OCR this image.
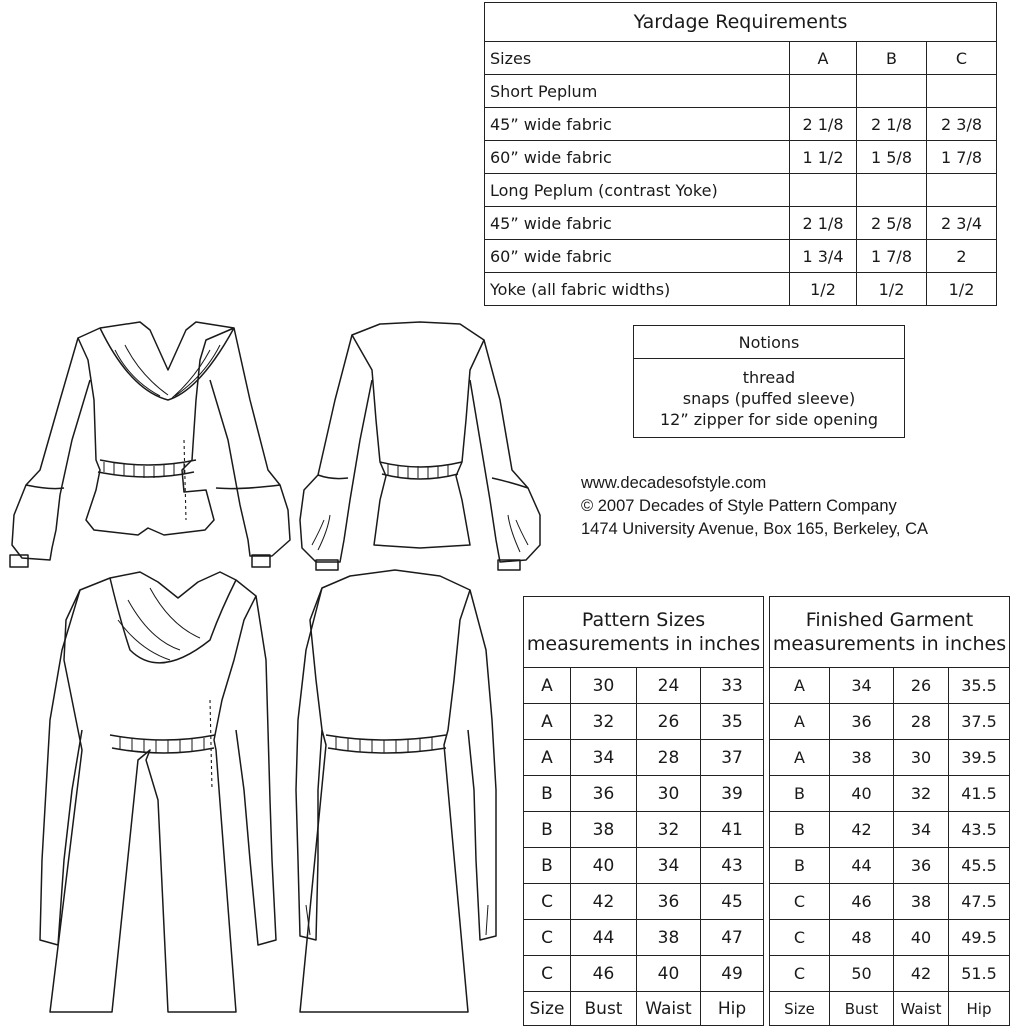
Yardage Requirements			
Sizes	A	B	C
Short Peplum			
45” wide fabric	2 1/8	2 1/8	2 3/8
60” wide fabric	1 1/2	1 5/8	1 7/8
Long Peplum (contrast Yoke)			
45” wide fabric	2 1/8	2 5/8	2 3/4
60” wide fabric	1 3/4	1 7/8	2
Yoke (all fabric widths)	1/2	1/2	1/2
Notions

thread
snaps (puffed sleeve)
12” zipper for side opening
www.decadesofstyle.com
© 2007 Decades of Style Pattern Company
1474 University Avenue, Box 165, Berkeley, CA
Pattern Sizes
measurements in inches			

A	30	24	33
A	32	26	35
A	34	28	37
B	36	30	39
B	38	32	41
B	40	34	43
C	42	36	45
C	44	38	47
C	46	40	49
Size	Bust	Waist	Hip
Finished Garment
measurements in inches			

A	34	26	35.5
A	36	28	37.5
A	38	30	39.5
B	40	32	41.5
B	42	34	43.5
B	44	36	45.5
C	46	38	47.5
C	48	40	49.5
C	50	42	51.5
Size	Bust	Waist	Hip
